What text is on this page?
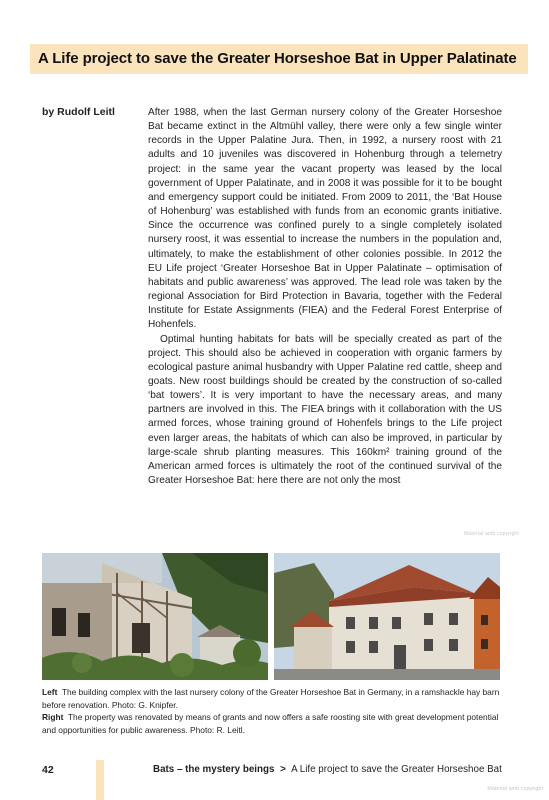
A Life project to save the Greater Horseshoe Bat in Upper Palatinate
by Rudolf Leitl	After 1988, when the last German nursery colony of the Greater Horseshoe Bat became extinct in the Altmühl valley, there were only a few single winter records in the Upper Palatine Jura. Then, in 1992, a nursery roost with 21 adults and 10 juveniles was discovered in Hohenburg through a telemetry project: in the same year the vacant property was leased by the local government of Upper Palatinate, and in 2008 it was possible for it to be bought and emergency support could be initiated. From 2009 to 2011, the ‘Bat House of Hohenburg’ was established with funds from an economic grants initiative. Since the occurrence was confined purely to a single completely isolated nursery roost, it was essential to increase the numbers in the population and, ultimately, to make the establishment of other colonies possible. In 2012 the EU Life project ‘Greater Horseshoe Bat in Upper Palatinate – optimisation of habitats and public awareness’ was approved. The lead role was taken by the regional Association for Bird Protection in Bavaria, together with the Federal Institute for Estate Assignments (FIEA) and the Federal Forest Enterprise of Hohenfels.

Optimal hunting habitats for bats will be specially created as part of the project. This should also be achieved in cooperation with organic farmers by ecological pasture animal husbandry with Upper Palatine red cattle, sheep and goats. New roost buildings should be created by the construction of so-called ‘bat towers’. It is very important to have the necessary areas, and many partners are involved in this. The FIEA brings with it collaboration with the US armed forces, whose training ground of Hohenfels brings to the Life project even larger areas, the habitats of which can also be improved, in particular by large-scale shrub planting measures. This 160km² training ground of the American armed forces is ultimately the root of the continued survival of the Greater Horseshoe Bat: here there are not only the most

Material amb copyright

Left The building complex with the last nursery colony of the Greater Horseshoe Bat in Germany, in a ramshackle hay barn before renovation. Photo: G. Knipfer.

Right The property was renovated by means of grants and now offers a safe roosting site with great development potential and opportunities for public awareness. Photo: R. Leitl.

42	Bats – the mystery beings > A Life project to save the Greater Horseshoe Bat
Material amb copyright
